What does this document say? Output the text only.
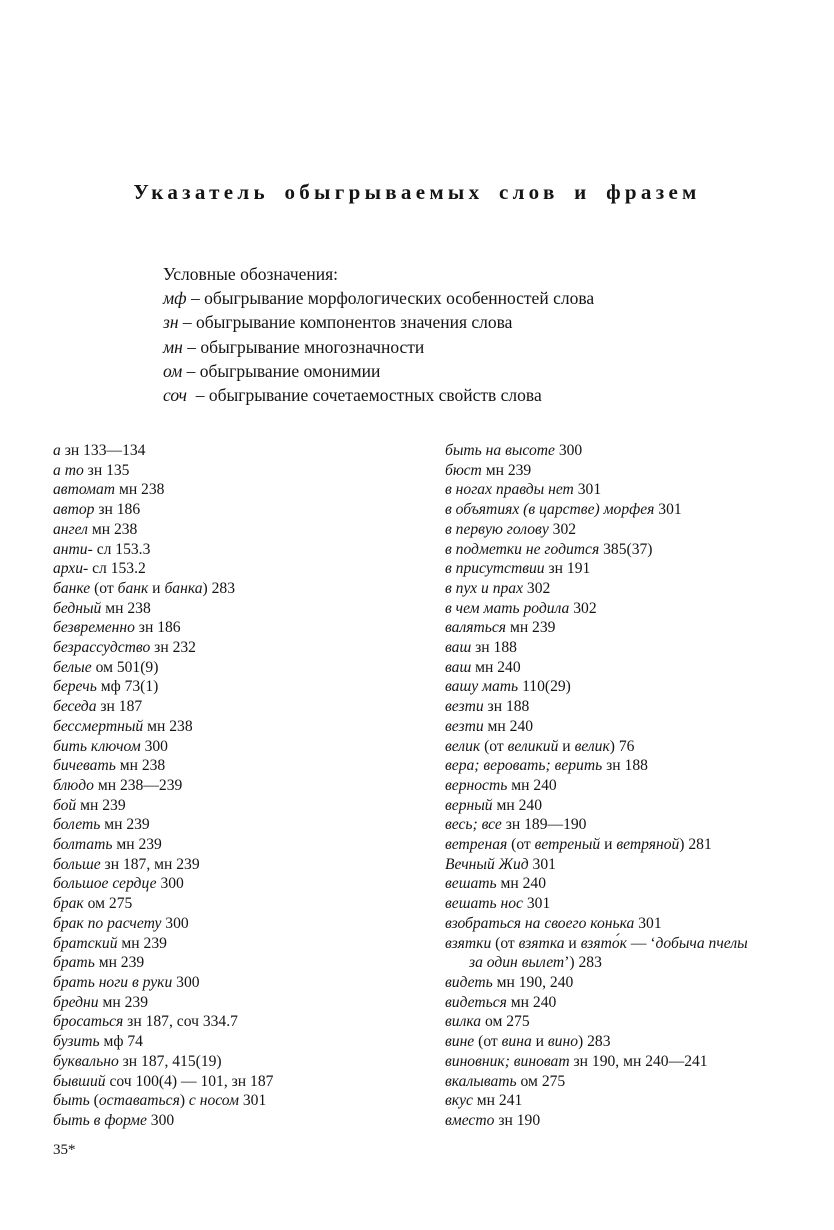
Указатель обыгрываемых слов и фразем
Условные обозначения:
мф – обыгрывание морфологических особенностей слова
зн – обыгрывание компонентов значения слова
мн – обыгрывание многозначности
ом – обыгрывание омонимии
соч  – обыгрывание сочетаемостных свойств слова
а зн 133—134
а то зн 135
автомат мн 238
автор зн 186
ангел мн 238
анти- сл 153.3
архи- сл 153.2
банке (от банк и банка) 283
бедный мн 238
безвременно зн 186
безрассудство зн 232
белые ом 501(9)
беречь мф 73(1)
беседа зн 187
бессмертный мн 238
бить ключом 300
бичевать мн 238
блюдо мн 238—239
бой мн 239
болеть мн 239
болтать мн 239
больше зн 187, мн 239
большое сердце 300
брак ом 275
брак по расчету 300
братский мн 239
брать мн 239
брать ноги в руки 300
бредни мн 239
бросаться зн 187, соч 334.7
бузить мф 74
буквально зн 187, 415(19)
бывший соч 100(4) — 101, зн 187
быть (оставаться) с носом 301
быть в форме 300
быть на высоте 300
бюст мн 239
в ногах правды нет 301
в объятиях (в царстве) морфея 301
в первую голову 302
в подметки не годится 385(37)
в присутствии зн 191
в пух и прах 302
в чем мать родила 302
валяться мн 239
ваш зн 188
ваш мн 240
вашу мать 110(29)
везти зн 188
везти мн 240
велик (от великий и велик) 76
вера; веровать; верить зн 188
верность мн 240
верный мн 240
весь; все зн 189—190
ветреная (от ветреный и ветряной) 281
Вечный Жид 301
вешать мн 240
вешать нос 301
взобраться на своего конька 301
взятки (от взятка и взято́к — ‘добыча пчелы
за один вылет’) 283
видеть мн 190, 240
видеться мн 240
вилка ом 275
вине (от вина и вино) 283
виновник; виноват зн 190, мн 240—241
вкалывать ом 275
вкус мн 241
вместо зн 190
35*
